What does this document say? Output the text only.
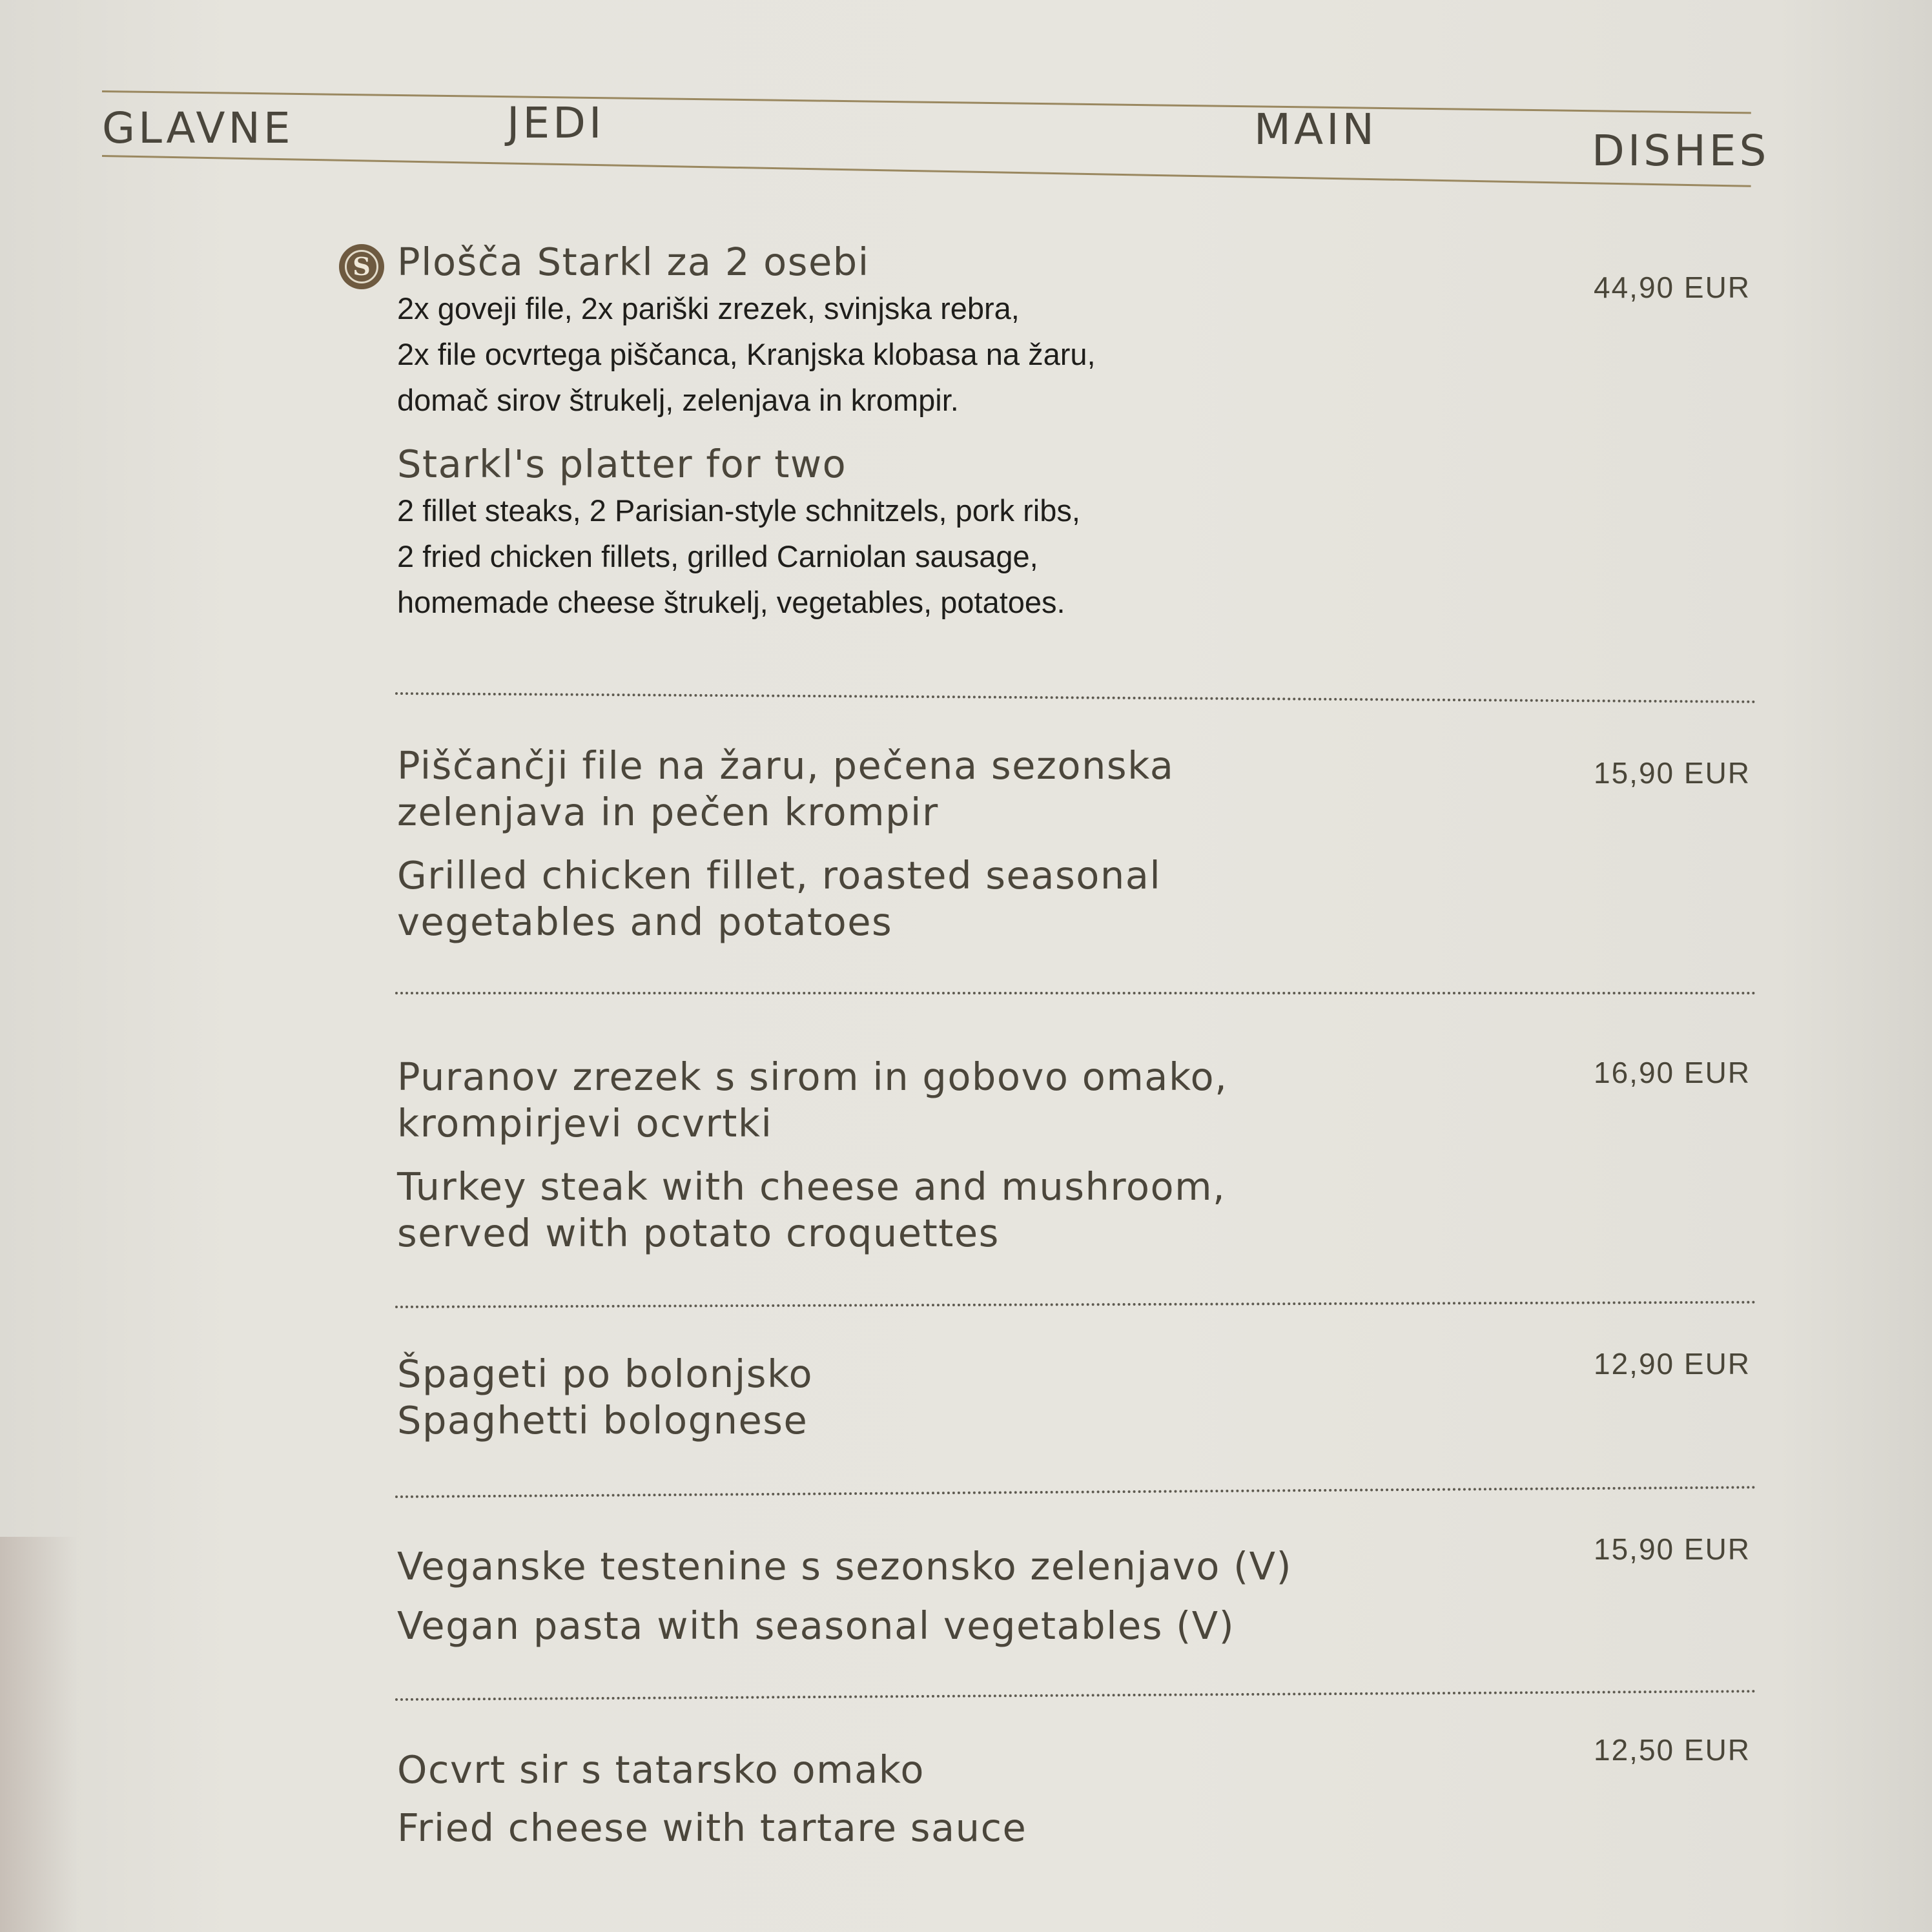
GLAVNE	JEDI	MAIN	DISHES
S Plošča Starkl za 2 osebi
2x goveji file, 2x pariški zrezek, svinjska rebra,
2x file ocvrtega piščanca, Kranjska klobasa na žaru,
domač sirov štrukelj, zelenjava in krompir.
Starkl's platter for two
2 fillet steaks, 2 Parisian-style schnitzels, pork ribs,
2 fried chicken fillets, grilled Carniolan sausage,
homemade cheese štrukelj, vegetables, potatoes.
44,90 EUR
Piščančji file na žaru, pečena sezonska
zelenjava in pečen krompir
Grilled chicken fillet, roasted seasonal
vegetables and potatoes
15,90 EUR
Puranov zrezek s sirom in gobovo omako,
krompirjevi ocvrtki
Turkey steak with cheese and mushroom,
served with potato croquettes
16,90 EUR
Špageti po bolonjsko
Spaghetti bolognese
12,90 EUR
Veganske testenine s sezonsko zelenjavo (V)
Vegan pasta with seasonal vegetables (V)
15,90 EUR
Ocvrt sir s tatarsko omako
Fried cheese with tartare sauce
12,50 EUR
